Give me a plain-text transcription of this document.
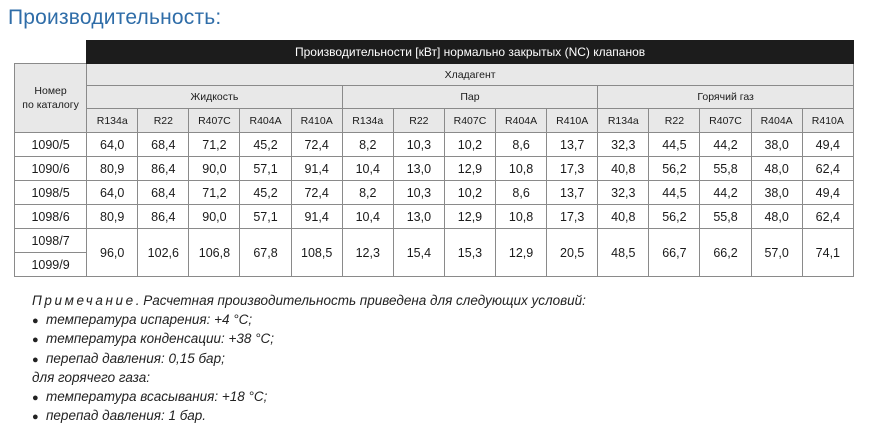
Производительность:
	Производительности [кВт] нормально закрытых (NC) клапанов														
Номер
по каталогу	Хладагент														
	Жидкость					Пар					Горячий газ				
	R134a	R22	R407C	R404A	R410A	R134a	R22	R407C	R404A	R410A	R134a	R22	R407C	R404A	R410A
1090/5	64,0	68,4	71,2	45,2	72,4	8,2	10,3	10,2	8,6	13,7	32,3	44,5	44,2	38,0	49,4
1090/6	80,9	86,4	90,0	57,1	91,4	10,4	13,0	12,9	10,8	17,3	40,8	56,2	55,8	48,0	62,4
1098/5	64,0	68,4	71,2	45,2	72,4	8,2	10,3	10,2	8,6	13,7	32,3	44,5	44,2	38,0	49,4
1098/6	80,9	86,4	90,0	57,1	91,4	10,4	13,0	12,9	10,8	17,3	40,8	56,2	55,8	48,0	62,4
1098/7	96,0	102,6	106,8	67,8	108,5	12,3	15,4	15,3	12,9	20,5	48,5	66,7	66,2	57,0	74,1
1099/9															
Примечание. Расчетная производительность приведена для следующих условий:
● температура испарения: +4 °С;
● температура конденсации: +38 °С;
● перепад давления: 0,15 бар;
для горячего газа:
● температура всасывания: +18 °С;
● перепад давления: 1 бар.
